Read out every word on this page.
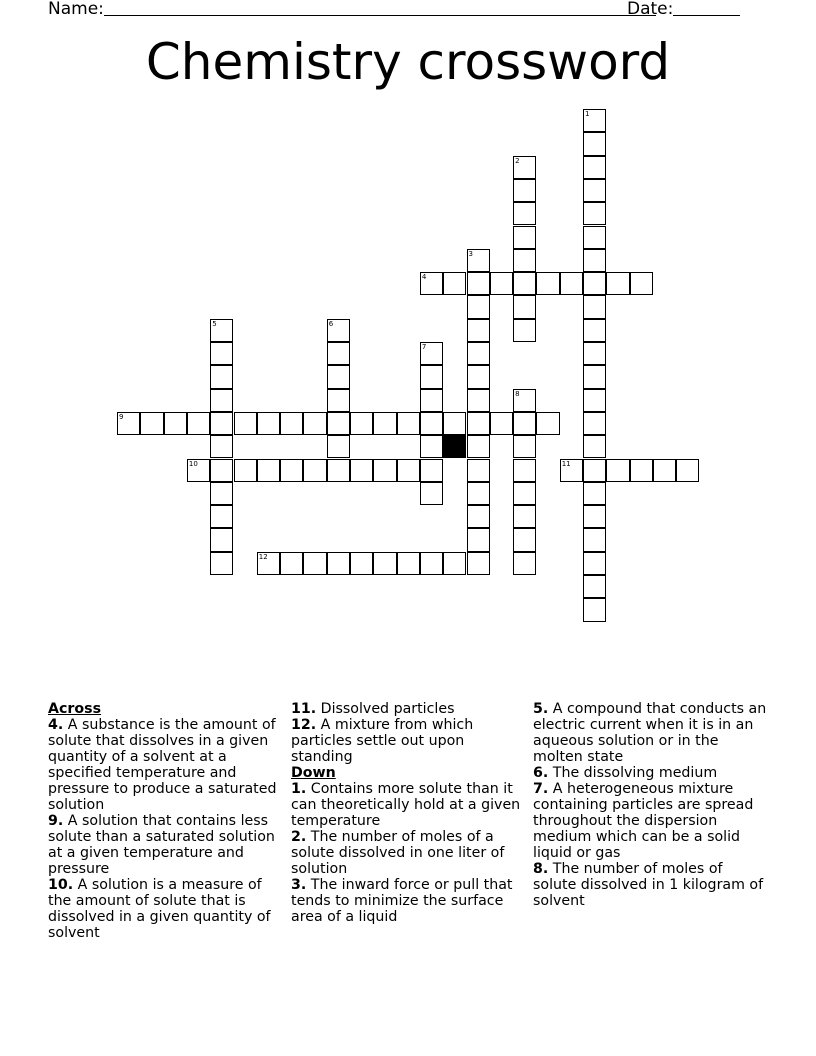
Name:	Date:
Chemistry crossword
1
2
3
4
5	6
7
8
9
10	11
12
Across
4. A substance is the amount of solute that dissolves in a given quantity of a solvent at a specified temperature and pressure to produce a saturated solution
9. A solution that contains less solute than a saturated solution at a given temperature and pressure
10. A solution is a measure of the amount of solute that is dissolved in a given quantity of solvent
11. Dissolved particles
12. A mixture from which particles settle out upon standing
Down
1. Contains more solute than it can theoretically hold at a given temperature
2. The number of moles of a solute dissolved in one liter of solution
3. The inward force or pull that tends to minimize the surface area of a liquid
5. A compound that conducts an electric current when it is in an aqueous solution or in the molten state
6. The dissolving medium
7. A heterogeneous mixture containing particles are spread throughout the dispersion medium which can be a solid liquid or gas
8. The number of moles of solute dissolved in 1 kilogram of solvent
